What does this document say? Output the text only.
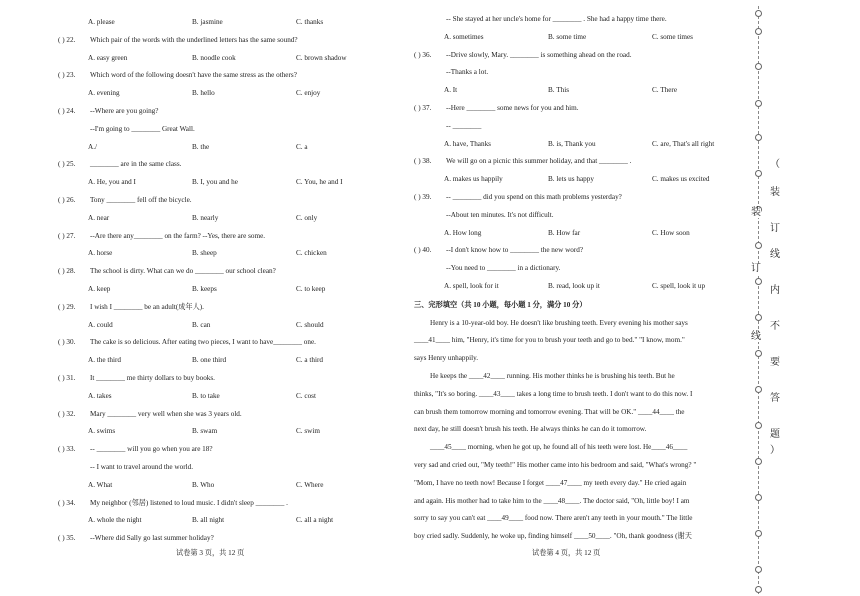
A. please	B. jasmine	C. thanks
( ) 22. Which pair of the words with the underlined letters has the same sound?
A. easy green	B. noodle cook	C. brown shadow
( ) 23. Which word of the following doesn't have the same stress as the others?
A. evening	B. hello	C. enjoy
( ) 24. --Where are you going?
--I'm going to ________ Great Wall.
A./	B. the	C. a
( ) 25. ________ are in the same class.
A. He, you and I	B. I, you and he	C. You, he and I
( ) 26. Tony ________ fell off the bicycle.
A. near	B. nearly	C. only
( ) 27. --Are there any________ on the farm? --Yes, there are some.
A. horse	B. sheep	C. chicken
( ) 28. The school is dirty. What can we do ________ our school clean?
A. keep	B. keeps	C. to keep
( ) 29. I wish I ________ be an adult(成年人).
A. could	B. can	C. should
( ) 30. The cake is so delicious. After eating two pieces, I want to have________ one.
A. the third	B. one third	C. a third
( ) 31. It ________ me thirty dollars to buy books.
A. takes	B. to take	C. cost
( ) 32. Mary ________ very well when she was 3 years old.
A. swims	B. swam	C. swim
( ) 33. -- ________ will you go when you are 18?
-- I want to travel around the world.
A. What	B. Who	C. Where
( ) 34. My neighbor (邻居) listened to loud music. I didn't sleep ________ .
A. whole the night	B. all night	C. all a night
( ) 35. --Where did Sally go last summer holiday?
-- She stayed at her uncle's home for ________ . She had a happy time there.
A. sometimes	B. some time	C. some times
( ) 36. --Drive slowly, Mary. ________ is something ahead on the road.
--Thanks a lot.
A. It	B. This	C. There
( ) 37. --Here ________ some news for you and him.
-- ________
A. have, Thanks	B. is, Thank you	C. are, That's all right
( ) 38. We will go on a picnic this summer holiday, and that ________ .
A. makes us happily	B. lets us happy	C. makes us excited
( ) 39. -- ________ did you spend on this math problems yesterday?
--About ten minutes. It's not difficult.
A. How long	B. How far	C. How soon
( ) 40. --I don't know how to ________ the new word?
--You need to ________ in a dictionary.
A. spell, look for it	B. read, look up it	C. spell, look it up
三、完形填空（共 10 小题，每小题 1 分，满分 10 分）
Henry is a 10-year-old boy. He doesn't like brushing teeth. Every evening his mother says
____41____ him, "Henry, it's time for you to brush your teeth and go to bed." "I know, mom."
says Henry unhappily.
He keeps the ____42____ running. His mother thinks he is brushing his teeth. But he
thinks, "It's so boring. ____43____ takes a long time to brush teeth. I don't want to do this now. I
can brush them tomorrow morning and tomorrow evening. That will be OK." ____44____ the
next day, he still doesn't brush his teeth. He always thinks he can do it tomorrow.
____45____ morning, when he got up, he found all of his teeth were lost. He____46____
very sad and cried out, "My teeth!" His mother came into his bedroom and said, "What's wrong? "
"Mom, I have no teeth now! Because I forget ____47____ my teeth every day." He cried again
and again. His mother had to take him to the ____48____. The doctor said, "Oh, little boy! I am
sorry to say you can't eat ____49____ food now. There aren't any teeth in your mouth." The little
boy cried sadly. Suddenly, he woke up, finding himself ____50____. "Oh, thank goodness (谢天
试卷第 3 页，共 12 页	试卷第 4 页，共 12 页
（
装
订
线
内
不
要
答
题
）
装
订
线
